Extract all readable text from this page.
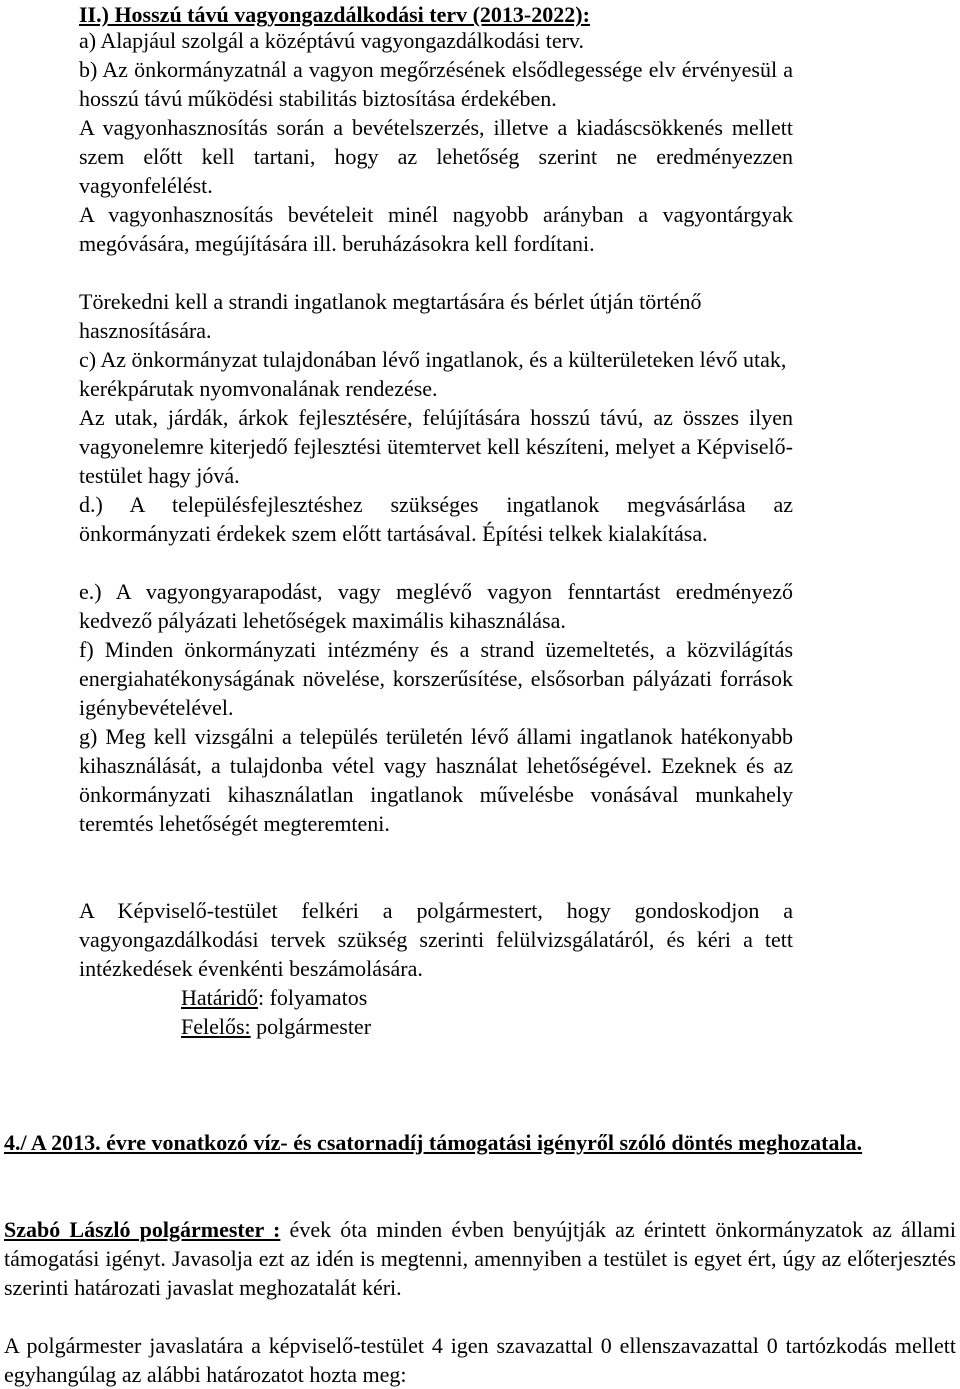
II.) Hosszú távú vagyongazdálkodási terv (2013-2022):
a) Alapjául szolgál a középtávú vagyongazdálkodási terv.

b) Az önkormányzatnál a vagyon megőrzésének elsődlegessége elv érvényesül a hosszú távú működési stabilitás biztosítása érdekében.

A vagyonhasznosítás során a bevételszerzés, illetve a kiadáscsökkenés mellett szem előtt kell tartani, hogy az lehetőség szerint ne eredményezzen vagyonfelélést.

A vagyonhasznosítás bevételeit minél nagyobb arányban a vagyontárgyak megóvására, megújítására ill. beruházásokra kell fordítani.

Törekedni kell a strandi ingatlanok megtartására és bérlet útján történő hasznosítására.

c) Az önkormányzat tulajdonában lévő ingatlanok, és a külterületeken lévő utak, kerékpárutak nyomvonalának rendezése.

Az utak, járdák, árkok fejlesztésére, felújítására hosszú távú, az összes ilyen vagyonelemre kiterjedő fejlesztési ütemtervet kell készíteni, melyet a Képviselő-testület hagy jóvá.

d.) A településfejlesztéshez szükséges ingatlanok megvásárlása az önkormányzati érdekek szem előtt tartásával. Építési telkek kialakítása.

e.) A vagyongyarapodást, vagy meglévő vagyon fenntartást eredményező kedvező pályázati lehetőségek maximális kihasználása.

f) Minden önkormányzati intézmény és a strand üzemeltetés, a közvilágítás energiahatékonyságának növelése, korszerűsítése, elsősorban pályázati források igénybevételével.

g) Meg kell vizsgálni a település területén lévő állami ingatlanok hatékonyabb kihasználását, a tulajdonba vétel vagy használat lehetőségével. Ezeknek és az önkormányzati kihasználatlan ingatlanok művelésbe vonásával munkahely teremtés lehetőségét megteremteni.

A Képviselő-testület felkéri a polgármestert, hogy gondoskodjon a vagyongazdálkodási tervek szükség szerinti felülvizsgálatáról, és kéri a tett intézkedések évenkénti beszámolására.

Határidő: folyamatos
Felelős: polgármester

4./ A 2013. évre vonatkozó víz- és csatornadíj támogatási igényről szóló döntés meghozatala.

Szabó László polgármester : évek óta minden évben benyújtják az érintett önkormányzatok az állami támogatási igényt. Javasolja ezt az idén is megtenni, amennyiben a testület is egyet ért, úgy az előterjesztés szerinti határozati javaslat meghozatalát kéri.

A polgármester javaslatára a képviselő-testület 4 igen szavazattal 0 ellenszavazattal 0 tartózkodás mellett egyhangúlag az alábbi határozatot hozta meg:
